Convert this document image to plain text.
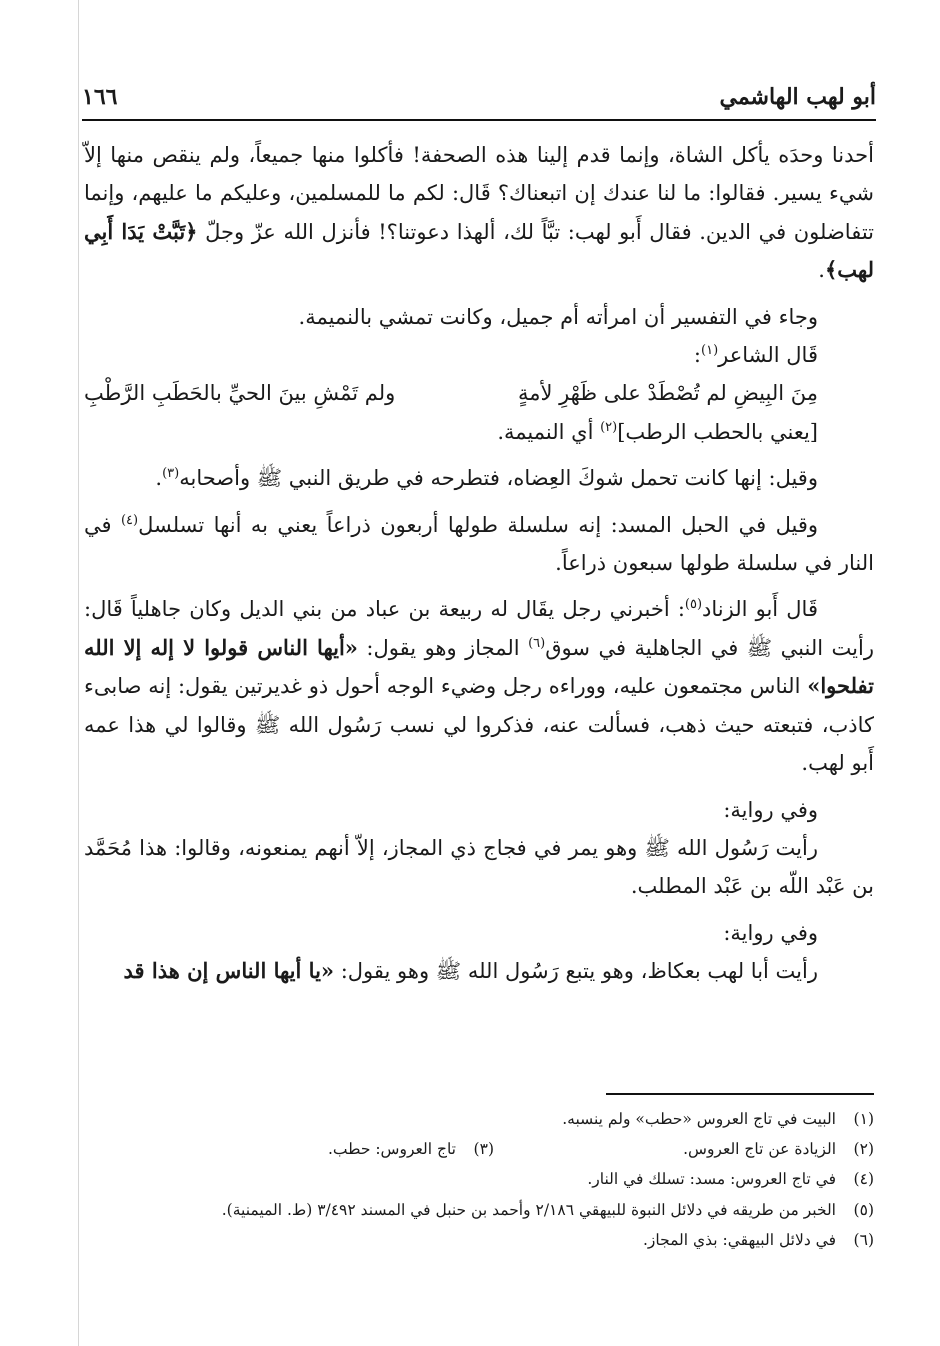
أبو لهب الهاشمي
١٦٦

أحدنا وحدَه يأكل الشاة، وإنما قدم إلينا هذه الصحفة! فأكلوا منها جميعاً، ولم ينقص منها إلاّ شيء يسير. فقالوا: ما لنا عندك إن اتبعناك؟ قَال: لكم ما للمسلمين، وعليكم ما عليهم، وإنما تتفاضلون في الدين. فقال أَبو لهب: تبَّاً لك، ألهذا دعوتنا؟! فأنزل الله عزّ وجلّ ﴿تَبَّتْ يَدَا أَبِي لهب﴾.

وجاء في التفسير أن امرأته أم جميل، وكانت تمشي بالنميمة.

قَال الشاعر$^{(١)}$:

مِنَ البِيضِ لم تُصْطَدْ على ظَهْرِ لأمةٍ
ولم تَمْشِ بينَ الحيِّ بالحَطَبِ الرَّطْبِ

[يعني بالحطب الرطب]$^{(٢)}$ أي النميمة.

وقيل: إنها كانت تحمل شوكَ العِضاه، فتطرحه في طريق النبي ﷺ وأصحابه$^{(٣)}$.

وقيل في الحبل المسد: إنه سلسلة طولها أربعون ذراعاً يعني به أنها تسلسل$^{(٤)}$ في النار في سلسلة طولها سبعون ذراعاً.

قَال أَبو الزناد$^{(٥)}$: أخبرني رجل يقَال له ربيعة بن عباد من بني الديل وكان جاهلياً قَال: رأيت النبي ﷺ في الجاهلية في سوق$^{(٦)}$ المجاز وهو يقول: «أيها الناس قولوا لا إله إلا الله تفلحوا» الناس مجتمعون عليه، ووراءه رجل وضيء الوجه أحول ذو غديرتين يقول: إنه صابىء كاذب، فتبعته حيث ذهب، فسألت عنه، فذكروا لي نسب رَسُول الله ﷺ وقالوا لي هذا عمه أَبو لهب.

وفي رواية:

رأيت رَسُول الله ﷺ وهو يمر في فجاج ذي المجاز، إلاّ أنهم يمنعونه، وقالوا: هذا مُحَمَّد بن عَبْد اللّه بن عَبْد المطلب.

وفي رواية:

رأيت أبا لهب بعكاظ، وهو يتبع رَسُول الله ﷺ وهو يقول: «يا أيها الناس إن هذا قد

(١)البيت في تاج العروس «حطب» ولم ينسبه.

(٢)الزيادة عن تاج العروس.

(٣)تاج العروس: حطب.

(٤)في تاج العروس: مسد: تسلك في النار.

(٥)الخبر من طريقه في دلائل النبوة للبيهقي ٢/١٨٦ وأحمد بن حنبل في المسند ٣/٤٩٢ (ط. الميمنية).

(٦)في دلائل البيهقي: بذي المجاز.
